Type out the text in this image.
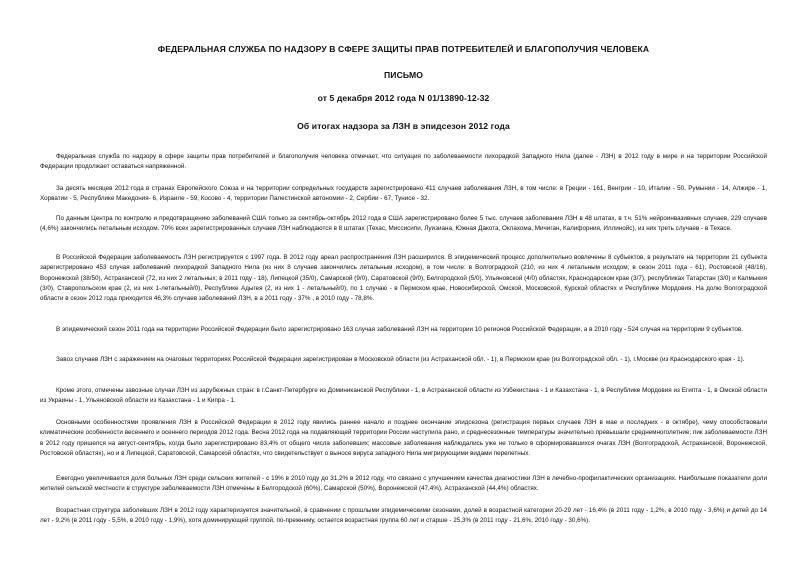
ФЕДЕРАЛЬНАЯ СЛУЖБА ПО НАДЗОРУ В СФЕРЕ ЗАЩИТЫ ПРАВ ПОТРЕБИТЕЛЕЙ И БЛАГОПОЛУЧИЯ ЧЕЛОВЕКА
ПИСЬМО
от 5 декабря 2012 года N 01/13890-12-32
Об итогах надзора за ЛЗН в эпидсезон 2012 года
Федеральная служба по надзору в сфере защиты прав потребителей и благополучия человека отмечает, что ситуация по заболеваемости лихорадкой Западного Нила (далее - ЛЗН) в 2012 году в мире и на территории Российской Федерации продолжает оставаться напряженной.
За десять месяцев 2012 года в странах Европейского Союза и на территории сопредельных государств зарегистрировано 411 случаев заболевания ЛЗН, в том числе: в Греции - 161, Венгрии - 10, Италии - 50, Румынии - 14, Алжире - 1, Хорватии - 5, Республике Македония- 6, Израиле - 59, Косово - 4, территории Палестинской автономии - 2, Сербии - 67, Тунисе - 32.
По данным Центра по контролю и предотвращению заболеваний США только за сентябрь-октябрь 2012 года в США зарегистрировано более 5 тыс. случаев заболевания ЛЗН в 48 штатах, в т.ч. 51% нейроинвазивных случаев, 229 случаев (4,6%) закончились летальным исходом. 70% всех зарегистрированных случаев ЛЗН наблюдаются в 8 штатах (Техас, Миссисипи, Луизиана, Южная Дакота, Оклахома, Мичиган, Калифорния, Иллинойс), из них треть случаев - в Техасе.
В Российской Федерации заболеваемость ЛЗН регистрируется с 1997 года. В 2012 году ареал распространения ЛЗН расширился. В эпидемический процесс дополнительно вовлечены 8 субъектов, в результате на территории 21 субъекта зарегистрировано 453 случая заболеваний лихорадкой Западного Нила (из них 8 случаев закончились летальным исходом), в том числе: в Волгоградской (210, из них 4 летальным исходом; в сезон 2011 года - 61), Ростовской (48/16), Воронежской (38/50), Астраханской (72, из них 2 летальных; в 2011 году - 18), Липецкой (35/0), Самарской (9/0), Саратовской (9/0), Белгородской (5/0), Ульяновской (4/0) областях, Краснодарском крае (3/7), республиках Татарстан (3/0) и Калмыкия (3/0), Ставропольском крае (2, из них 1-летальный/0), Республике Адыгея (2, из них 1 - летальный/0), по 1 случаю - в Пермском крае, Новосибирской, Омской, Московской, Курской областях и Республике Мордовия. На долю Волгоградской области в сезон 2012 года приходится 46,3% случаев заболеваний ЛЗН, в а 2011 году - 37% , в 2010 году - 78,8%.
В эпидемический сезон 2011 года на территории Российской Федерации было зарегистрировано 163 случая заболеваний ЛЗН на территории 10 регионов Российской Федерации, а в 2010 году - 524 случая на территории 9 субъектов.
Завоз случаев ЛЗН с заражением на очаговых территориях Российской Федерации зарегистрирован в Московской области (из Астраханской обл. - 1), в Пермском крае (из Волгоградской обл. - 1), г.Москве (из Краснодарского края - 1).
Кроме этого, отмечены завозные случаи ЛЗН из зарубежных стран: в г.Санкт-Петербурге из Доминиканской Республики - 1, в Астраханской области из Узбекистана - 1 и Казахстана - 1, в Республике Мордовия из Египта - 1, в Омской области из Украины - 1, Ульяновской области из Казахстана - 1 и Кипра - 1.
Основными особенностями проявления ЛЗН в Российской Федерации в 2012 году явились раннее начало и позднее окончание эпидсезона (регистрация первых случаев ЛЗН в мае и последних - в октябре), чему способствовали климатические особенности весеннего и осеннего периодов 2012 года. Весна 2012 года на подавляющей территории России наступила рано, и среднесезонные температуры значительно превышали среднемноголетние; пик заболеваемости ЛЗН в 2012 году пришелся на август-сентябрь, когда было зарегистрировано 83,4% от общего числа заболевших; массовые заболевания наблюдались уже не только в сформировавшихся очагах ЛЗН (Волгоградской, Астраханской, Воронежской, Ростовской областях), но и в Липецкой, Саратовской, Самарской областях, что свидетельствует о выносе вируса западного Нила мигрирующими видами перелетных.
Ежегодно увеличивается доля больных ЛЗН среди сельских жителей - с 19% в 2010 году до 31,2% в 2012 году, что связано с улучшением качества диагностики ЛЗН в лечебно-профилактических организациях. Наибольшие показатели доли жителей сельской местности в структуре заболеваемости ЛЗН отмечены в Белгородской (60%), Самарской (50%), Воронежской (47,4%), Астраханской (44,4%) областях.
Возрастная структура заболевших ЛЗН в 2012 году характеризуется значительной, в сравнении с прошлыми эпидемическими сезонами, долей в возрастной категории 20-29 лет - 16,4% (в 2011 году - 1,2%, в 2010 году - 3,6%) и детей до 14 лет - 9,2% (в 2011 году - 5,5%, в 2010 году - 1,9%), хотя доминирующей группой, по-прежнему, остается возрастная группа 60 лет и старше - 25,3% (в 2011 году - 21,6%, 2010 году - 30,6%).
